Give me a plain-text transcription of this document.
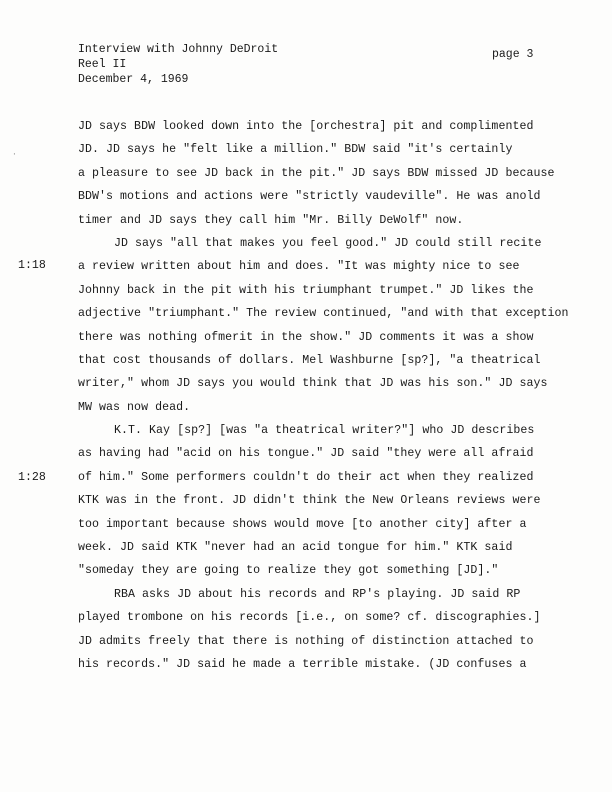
Interview with Johnny DeDroit
Reel II
December 4, 1969
page 3
·
1:18
1:28
JD says BDW looked down into the [orchestra] pit and complimented
JD. JD says he "felt like a million." BDW said "it's certainly
a pleasure to see JD back in the pit." JD says BDW missed JD because
BDW's motions and actions were "strictly vaudeville". He was anold
timer and JD says they call him "Mr. Billy DeWolf" now.
JD says "all that makes you feel good." JD could still recite
a review written about him and does. "It was mighty nice to see
Johnny back in the pit with his triumphant trumpet." JD likes the
adjective "triumphant." The review continued, "and with that exception
there was nothing ofmerit in the show." JD comments it was a show
that cost thousands of dollars. Mel Washburne [sp?], "a theatrical
writer," whom JD says you would think that JD was his son." JD says
MW was now dead.
K.T. Kay [sp?] [was "a theatrical writer?"] who JD describes
as having had "acid on his tongue." JD said "they were all afraid
of him." Some performers couldn't do their act when they realized
KTK was in the front. JD didn't think the New Orleans reviews were
too important because shows would move [to another city] after a
week. JD said KTK "never had an acid tongue for him." KTK said
"someday they are going to realize they got something [JD]."
RBA asks JD about his records and RP's playing. JD said RP
played trombone on his records [i.e., on some? cf. discographies.]
JD admits freely that there is nothing of distinction attached to
his records." JD said he made a terrible mistake. (JD confuses a
